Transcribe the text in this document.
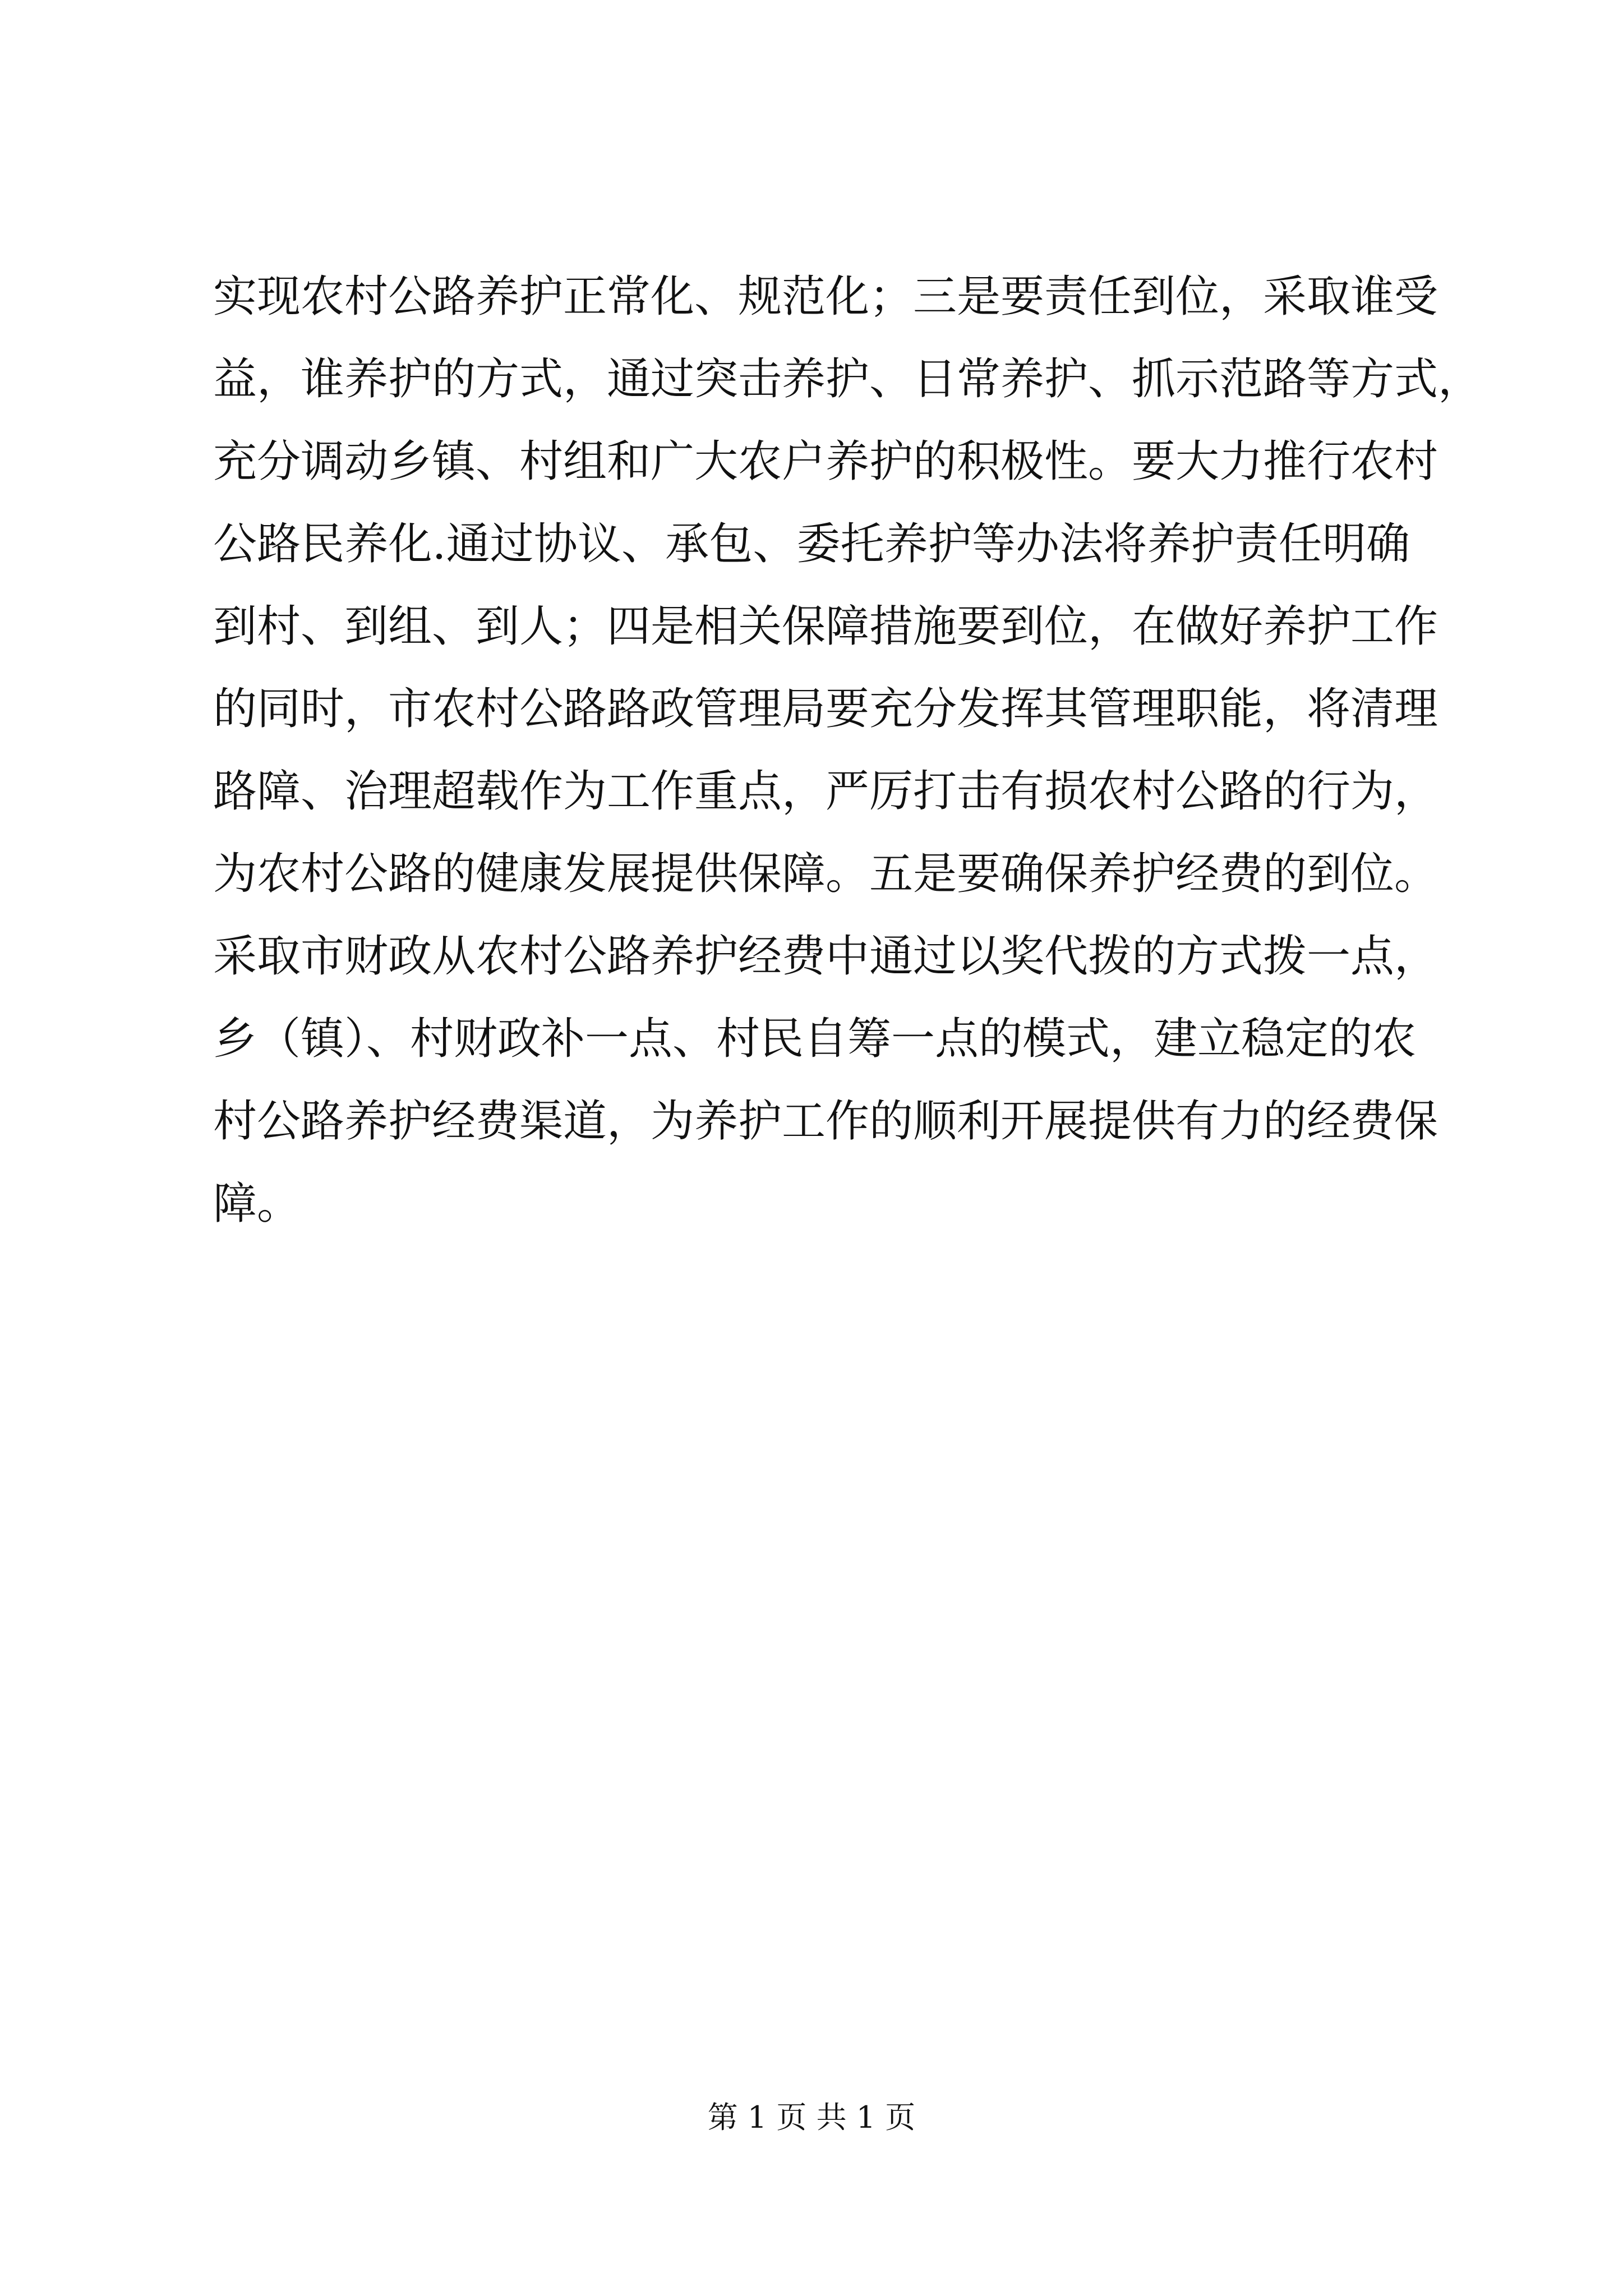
实现农村公路养护正常化、规范化；三是要责任到位，采取谁受
益，谁养护的方式，通过突击养护、日常养护、抓示范路等方式，
充分调动乡镇、村组和广大农户养护的积极性。要大力推行农村
公路民养化.通过协议、承包、委托养护等办法将养护责任明确
到村、到组、到人；四是相关保障措施要到位，在做好养护工作
的同时，市农村公路路政管理局要充分发挥其管理职能，将清理
路障、治理超载作为工作重点，严厉打击有损农村公路的行为，
为农村公路的健康发展提供保障。五是要确保养护经费的到位。
采取市财政从农村公路养护经费中通过以奖代拨的方式拨一点，
乡（镇）、村财政补一点、村民自筹一点的模式，建立稳定的农
村公路养护经费渠道，为养护工作的顺利开展提供有力的经费保
障。
第 1 页 共 1 页
